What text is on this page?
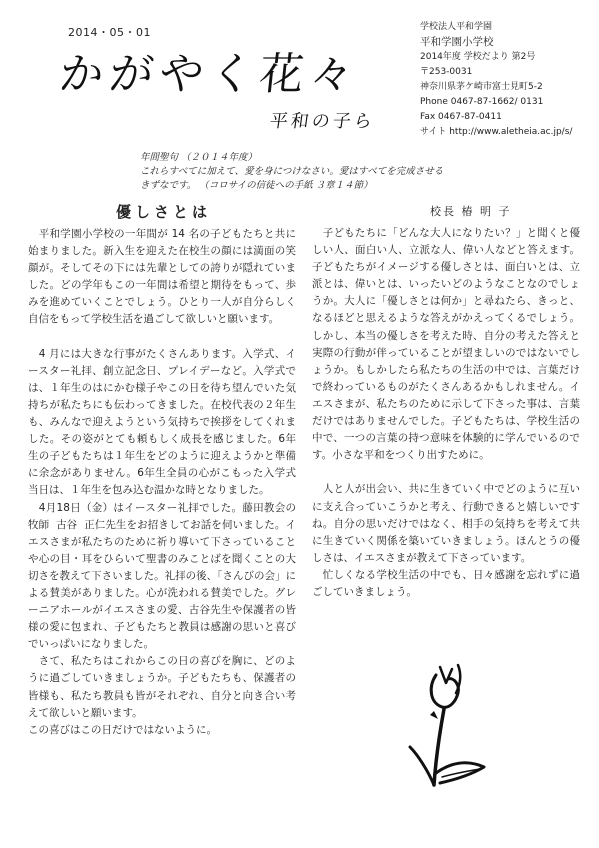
2014・05・01
かがやく花々
平和の子ら
学校法人平和学園
平和学園小学校
2014年度 学校だより 第2号
〒253-0031
神奈川県茅ケ崎市富士見町5-2
Phone 0467-87-1662/ 0131
Fax 0467-87-0411
サイト http://www.aletheia.ac.jp/s/
年間聖句 （２０１４年度）
これらすべてに加えて、愛を身につけなさい。愛はすべてを完成させる
きずなです。 （コロサイの信徒への手紙 ３章１４節）
優しさとは	校長 椿 明 子
　平和学園小学校の一年間が 14 名の子どもたちと共に始まりました。新入生を迎えた在校生の顔には満面の笑顔が。そしてその下には先輩としての誇りが隠れていました。どの学年もこの一年間は希望と期待をもって、歩みを進めていくことでしょう。ひとり一人が自分らしく自信をもって学校生活を過ごして欲しいと願います。

　4 月には大きな行事がたくさんあります。入学式、イースター礼拝、創立記念日、プレイデーなど。入学式では、１年生のはにかむ様子やこの日を待ち望んでいた気持ちが私たちにも伝わってきました。在校代表の２年生も、みんなで迎えようという気持ちで挨拶をしてくれました。その姿がとても頼もしく成長を感じました。6年生の子どもたちは１年生をどのように迎えようかと準備に余念がありません。6年生全員の心がこもった入学式当日は、１年生を包み込む温かな時となりました。
　4月18日（金）はイースター礼拝でした。藤田教会の牧師  古谷  正仁先生をお招きしてお話を伺いました。イエスさまが私たちのために祈り導いて下さっていることや心の目・耳をひらいて聖書のみことばを聞くことの大切さを教えて下さいました。礼拝の後、「さんびの会」による賛美がありました。心が洗われる賛美でした。グレーニアホールがイエスさまの愛、古谷先生や保護者の皆様の愛に包まれ、子どもたちと教員は感謝の思いと喜びでいっぱいになりました。
　さて、私たちはこれからこの日の喜びを胸に、どのように過ごしていきましょうか。子どもたちも、保護者の皆様も、私たち教員も皆がそれぞれ、自分と向き合い考えて欲しいと願います。
この喜びはこの日だけではないように。
　子どもたちに「どんな大人になりたい？」と聞くと優しい人、面白い人、立派な人、偉い人などと答えます。子どもたちがイメージする優しさとは、面白いとは、立派とは、偉いとは、いったいどのようなことなのでしょうか。大人に「優しさとは何か」と尋ねたら、きっと、なるほどと思えるような答えがかえってくるでしょう。しかし、本当の優しさを考えた時、自分の考えた答えと実際の行動が伴っていることが望ましいのではないでしょうか。もしかしたら私たちの生活の中では、言葉だけで終わっているものがたくさんあるかもしれません。イエスさまが、私たちのために示して下さった事は、言葉だけではありませんでした。子どもたちは、学校生活の中で、一つの言葉の持つ意味を体験的に学んでいるのです。小さな平和をつくり出すために。

　人と人が出会い、共に生きていく中でどのように互いに支え合っていこうかと考え、行動できると嬉しいですね。自分の思いだけではなく、相手の気持ちを考えて共に生きていく関係を築いていきましょう。ほんとうの優しさは、イエスさまが教えて下さっています。
　忙しくなる学校生活の中でも、日々感謝を忘れずに過ごしていきましょう。
